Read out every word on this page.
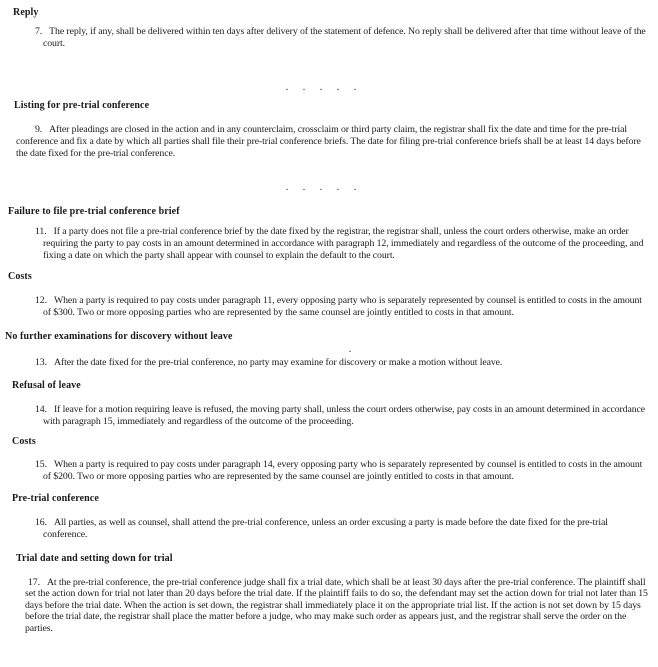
Reply

7. The reply, if any, shall be delivered within ten days after delivery of the statement of defence. No reply shall be delivered after that time without leave of the court.

. . . . .
Listing for pre-trial conference

9. After pleadings are closed in the action and in any counterclaim, crossclaim or third party claim, the registrar shall fix the date and time for the pre-trial conference and fix a date by which all parties shall file their pre-trial conference briefs. The date for filing pre-trial conference briefs shall be at least 14 days before the date fixed for the pre-trial conference.

. . . . .
Failure to file pre-trial conference brief

11. If a party does not file a pre-trial conference brief by the date fixed by the registrar, the registrar shall, unless the court orders otherwise, make an order requiring the party to pay costs in an amount determined in accordance with paragraph 12, immediately and regardless of the outcome of the proceeding, and fixing a date on which the party shall appear with counsel to explain the default to the court.

Costs

12. When a party is required to pay costs under paragraph 11, every opposing party who is separately represented by counsel is entitled to costs in the amount of $300. Two or more opposing parties who are represented by the same counsel are jointly entitled to costs in that amount.

No further examinations for discovery without leave
.

13. After the date fixed for the pre-trial conference, no party may examine for discovery or make a motion without leave.

Refusal of leave

14. If leave for a motion requiring leave is refused, the moving party shall, unless the court orders otherwise, pay costs in an amount determined in accordance with paragraph 15, immediately and regardless of the outcome of the proceeding.

Costs

15. When a party is required to pay costs under paragraph 14, every opposing party who is separately represented by counsel is entitled to costs in the amount of $200. Two or more opposing parties who are represented by the same counsel are jointly entitled to costs in that amount.

Pre-trial conference

16. All parties, as well as counsel, shall attend the pre-trial conference, unless an order excusing a party is made before the date fixed for the pre-trial conference.

Trial date and setting down for trial

17. At the pre-trial conference, the pre-trial conference judge shall fix a trial date, which shall be at least 30 days after the pre-trial conference. The plaintiff shall set the action down for trial not later than 20 days before the trial date. If the plaintiff fails to do so, the defendant may set the action down for trial not later than 15 days before the trial date. When the action is set down, the registrar shall immediately place it on the appropriate trial list. If the action is not set down by 15 days before the trial date, the registrar shall place the matter before a judge, who may make such order as appears just, and the registrar shall serve the order on the parties.
